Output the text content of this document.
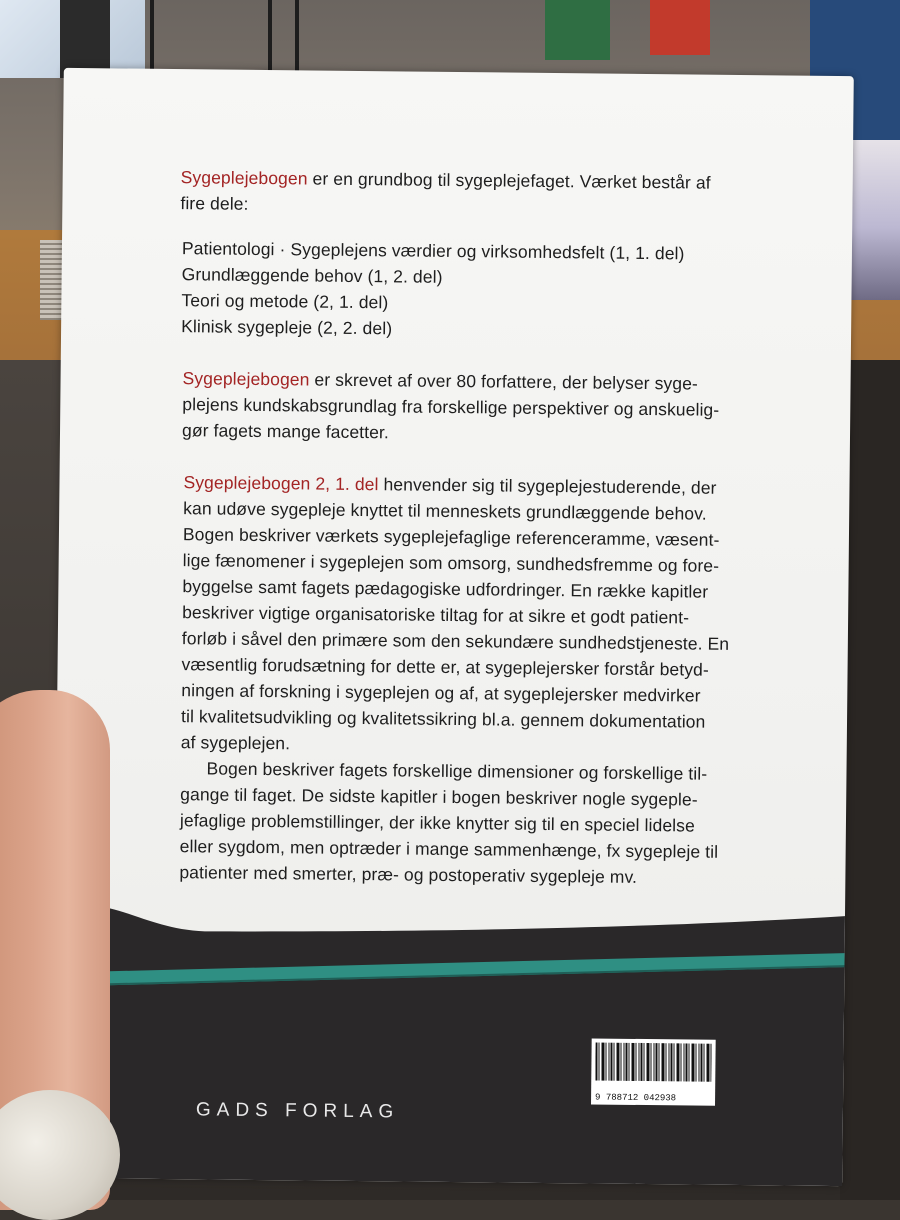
Sygeplejebogen er en grundbog til sygeplejefaget. Værket består af
fire dele:
Patientologi · Sygeplejens værdier og virksomhedsfelt (1, 1. del)
Grundlæggende behov (1, 2. del)
Teori og metode (2, 1. del)
Klinisk sygepleje (2, 2. del)
Sygeplejebogen er skrevet af over 80 forfattere, der belyser syge-
plejens kundskabsgrundlag fra forskellige perspektiver og anskuelig-
gør fagets mange facetter.
Sygeplejebogen 2, 1. del henvender sig til sygeplejestuderende, der
kan udøve sygepleje knyttet til menneskets grundlæggende behov.
Bogen beskriver værkets sygeplejefaglige referenceramme, væsent-
lige fænomener i sygeplejen som omsorg, sundhedsfremme og fore-
byggelse samt fagets pædagogiske udfordringer. En række kapitler
beskriver vigtige organisatoriske tiltag for at sikre et godt patient-
forløb i såvel den primære som den sekundære sundhedstjeneste. En
væsentlig forudsætning for dette er, at sygeplejersker forstår betyd-
ningen af forskning i sygeplejen og af, at sygeplejersker medvirker
til kvalitetsudvikling og kvalitetssikring bl.a. gennem dokumentation
af sygeplejen.
Bogen beskriver fagets forskellige dimensioner og forskellige til-
gange til faget. De sidste kapitler i bogen beskriver nogle sygeple-
jefaglige problemstillinger, der ikke knytter sig til en speciel lidelse
eller sygdom, men optræder i mange sammenhænge, fx sygepleje til
patienter med smerter, præ- og postoperativ sygepleje mv.
GADS FORLAG
9 788712 042938
